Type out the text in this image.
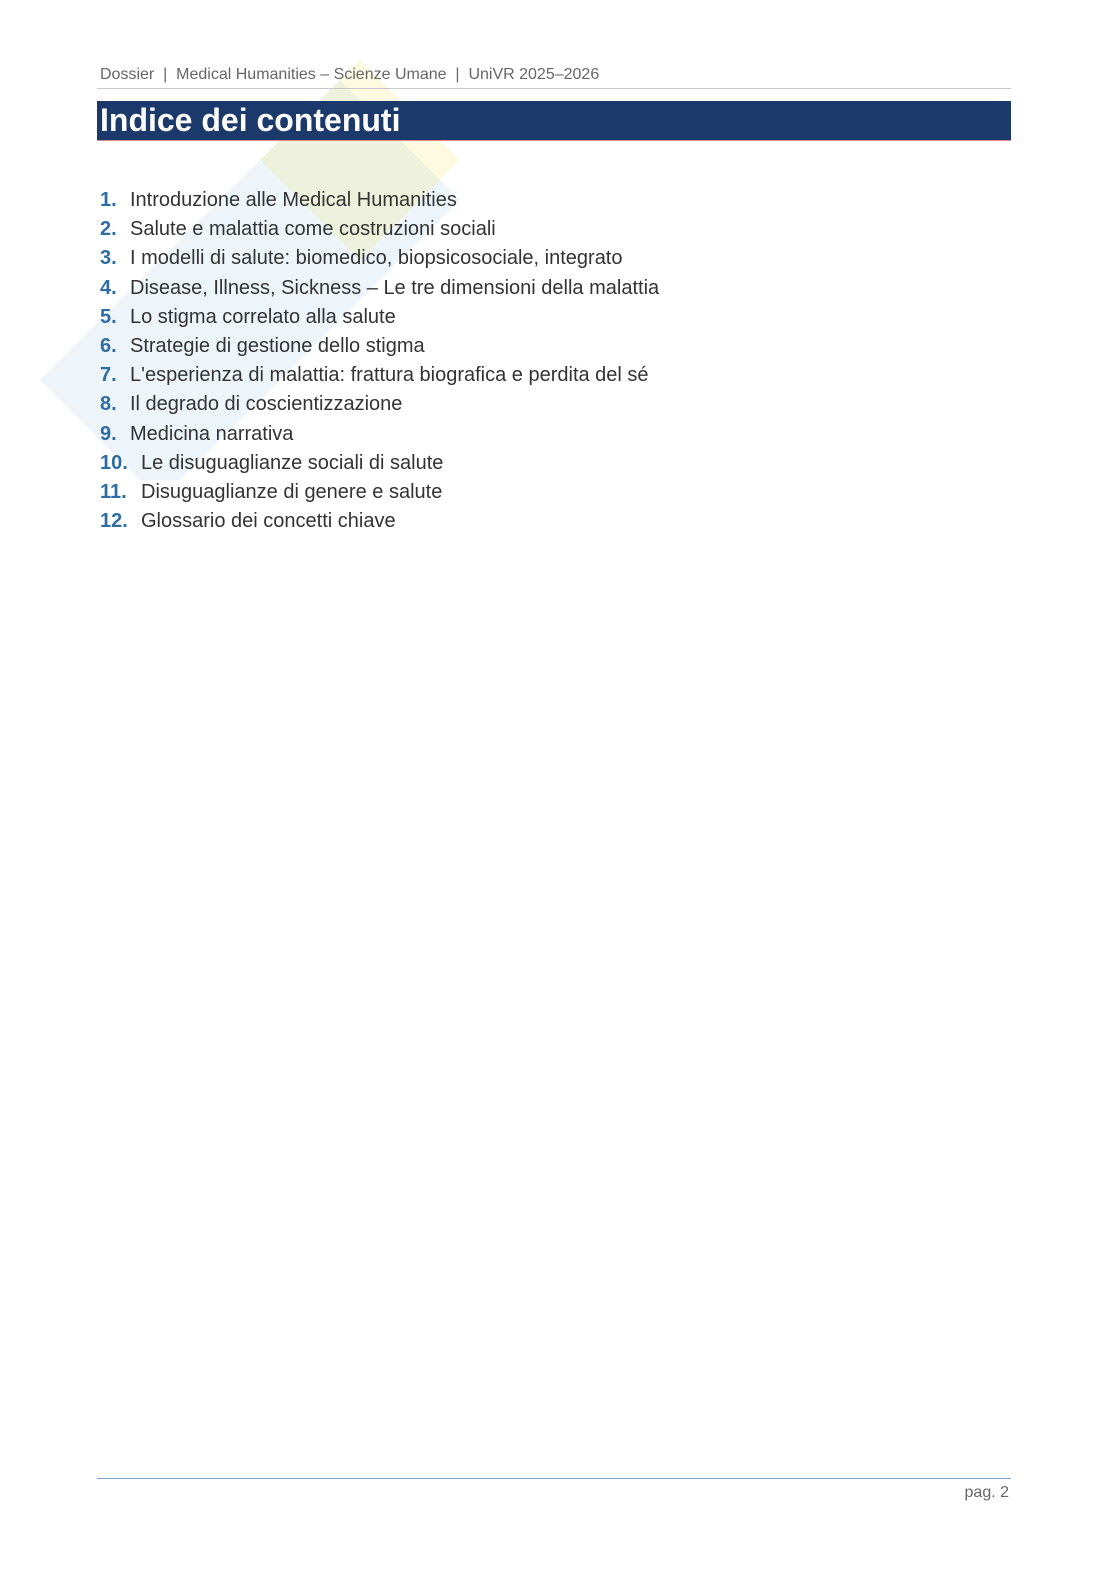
Dossier  |  Medical Humanities – Scienze Umane  |  UniVR 2025–2026
Indice dei contenuti
1. Introduzione alle Medical Humanities
2. Salute e malattia come costruzioni sociali
3. I modelli di salute: biomedico, biopsicosociale, integrato
4. Disease, Illness, Sickness – Le tre dimensioni della malattia
5. Lo stigma correlato alla salute
6. Strategie di gestione dello stigma
7. L'esperienza di malattia: frattura biografica e perdita del sé
8. Il degrado di coscientizzazione
9. Medicina narrativa
10. Le disuguaglianze sociali di salute
11. Disuguaglianze di genere e salute
12. Glossario dei concetti chiave
pag. 2
